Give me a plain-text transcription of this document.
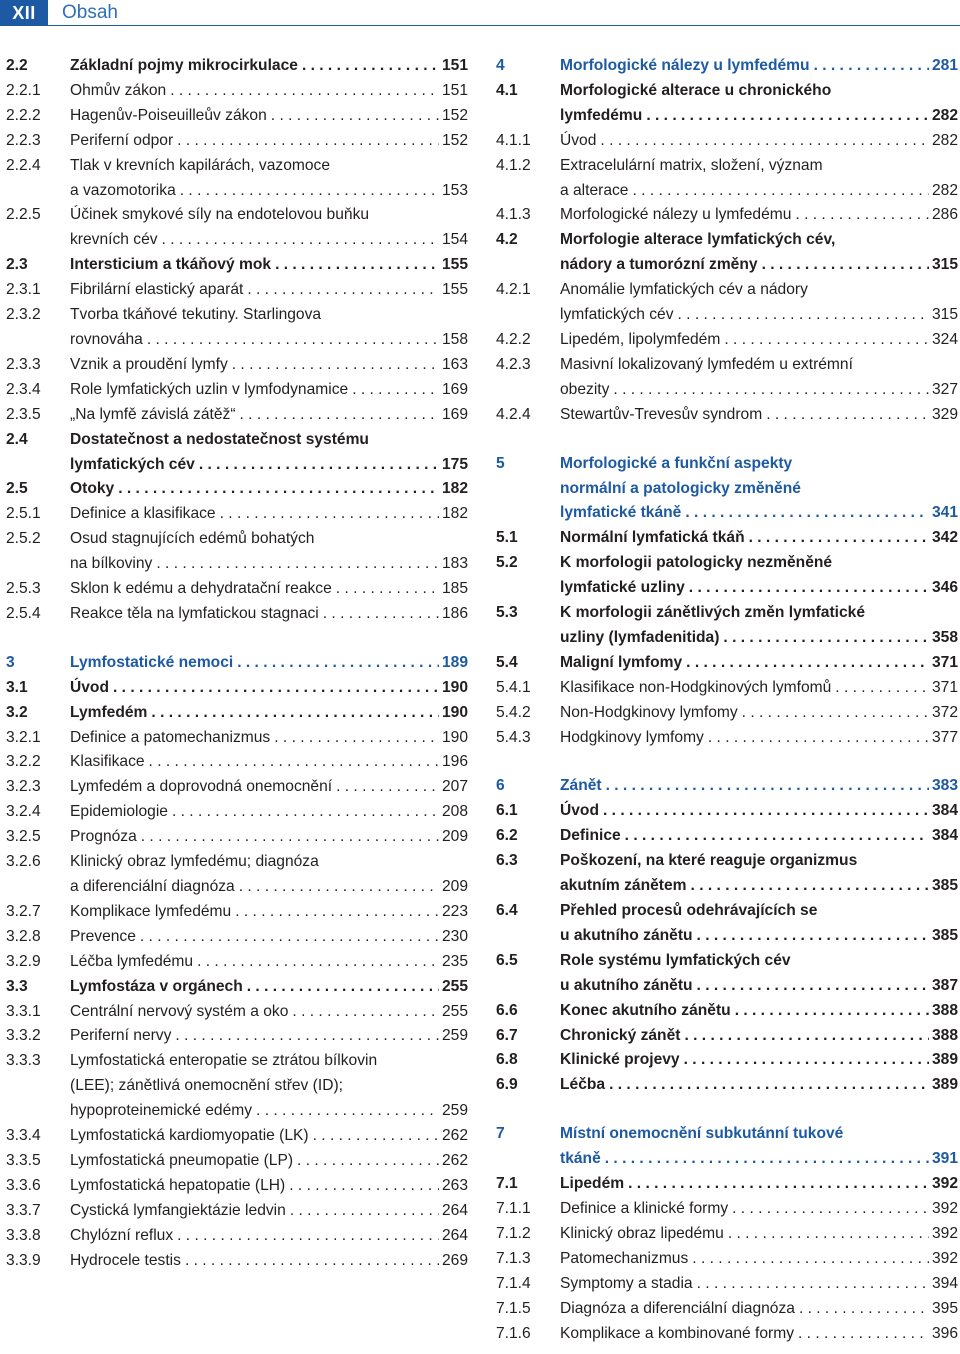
XII	Obsah
2.2	Základní pojmy mikrocirkulace . . .	151
2.2.1	Ohmův zákon . . .	151
2.2.2	Hagenův-Poiseuilleův zákon . . .	152
2.2.3	Periferní odpor . . .	152
2.2.4	Tlak v krevních kapilárách, vazomoce
a vazomotorika . . .	153
2.2.5	Účinek smykové síly na endotelovou buňku
krevních cév . . .	154
2.3	Intersticium a tkáňový mok . . .	155
2.3.1	Fibrilární elastický aparát . . .	155
2.3.2	Tvorba tkáňové tekutiny. Starlingova
rovnováha . . .	158
2.3.3	Vznik a proudění lymfy . . .	163
2.3.4	Role lymfatických uzlin v lymfodynamice . . .	169
2.3.5	„Na lymfě závislá zátěž“ . . .	169
2.4	Dostatečnost a nedostatečnost systému
lymfatických cév . . .	175
2.5	Otoky . . .	182
2.5.1	Definice a klasifikace . . .	182
2.5.2	Osud stagnujících edémů bohatých
na bílkoviny . . .	183
2.5.3	Sklon k edému a dehydratační reakce . . .	185
2.5.4	Reakce těla na lymfatickou stagnaci . . .	186
3	Lymfostatické nemoci . . .	189
3.1	Úvod . . .	190
3.2	Lymfedém . . .	190
3.2.1	Definice a patomechanizmus . . .	190
3.2.2	Klasifikace . . .	196
3.2.3	Lymfedém a doprovodná onemocnění . . .	207
3.2.4	Epidemiologie . . .	208
3.2.5	Prognóza . . .	209
3.2.6	Klinický obraz lymfedému; diagnóza
a diferenciální diagnóza . . .	209
3.2.7	Komplikace lymfedému . . .	223
3.2.8	Prevence . . .	230
3.2.9	Léčba lymfedému . . .	235
3.3	Lymfostáza v orgánech . . .	255
3.3.1	Centrální nervový systém a oko . . .	255
3.3.2	Periferní nervy . . .	259
3.3.3	Lymfostatická enteropatie se ztrátou bílkovin
(LEE); zánětlivá onemocnění střev (ID);
hypoproteinemické edémy . . .	259
3.3.4	Lymfostatická kardiomyopatie (LK) . . .	262
3.3.5	Lymfostatická pneumopatie (LP) . . .	262
3.3.6	Lymfostatická hepatopatie (LH) . . .	263
3.3.7	Cystická lymfangiektázie ledvin . . .	264
3.3.8	Chylózní reflux . . .	264
3.3.9	Hydrocele testis . . .	269
4	Morfologické nálezy u lymfedému . . .	281
4.1	Morfologické alterace u chronického
lymfedému . . .	282
4.1.1	Úvod . . .	282
4.1.2	Extracelulární matrix, složení, význam
a alterace . . .	282
4.1.3	Morfologické nálezy u lymfedému . . .	286
4.2	Morfologie alterace lymfatických cév,
nádory a tumorózní změny . . .	315
4.2.1	Anomálie lymfatických cév a nádory
lymfatických cév . . .	315
4.2.2	Lipedém, lipolymfedém . . .	324
4.2.3	Masivní lokalizovaný lymfedém u extrémní
obezity . . .	327
4.2.4	Stewartův-Trevesův syndrom . . .	329
5	Morfologické a funkční aspekty
normální a patologicky změněné
lymfatické tkáně . . .	341
5.1	Normální lymfatická tkáň . . .	342
5.2	K morfologii patologicky nezměněné
lymfatické uzliny . . .	346
5.3	K morfologii zánětlivých změn lymfatické
uzliny (lymfadenitida) . . .	358
5.4	Maligní lymfomy . . .	371
5.4.1	Klasifikace non-Hodgkinových lymfomů . . .	371
5.4.2	Non-Hodgkinovy lymfomy . . .	372
5.4.3	Hodgkinovy lymfomy . . .	377
6	Zánět . . .	383
6.1	Úvod . . .	384
6.2	Definice . . .	384
6.3	Poškození, na které reaguje organizmus
akutním zánětem . . .	385
6.4	Přehled procesů odehrávajících se
u akutního zánětu . . .	385
6.5	Role systému lymfatických cév
u akutního zánětu . . .	387
6.6	Konec akutního zánětu . . .	388
6.7	Chronický zánět . . .	388
6.8	Klinické projevy . . .	389
6.9	Léčba . . .	389
7	Místní onemocnění subkutánní tukové
tkáně . . .	391
7.1	Lipedém . . .	392
7.1.1	Definice a klinické formy . . .	392
7.1.2	Klinický obraz lipedému . . .	392
7.1.3	Patomechanizmus . . .	392
7.1.4	Symptomy a stadia . . .	394
7.1.5	Diagnóza a diferenciální diagnóza . . .	395
7.1.6	Komplikace a kombinované formy . . .	396
